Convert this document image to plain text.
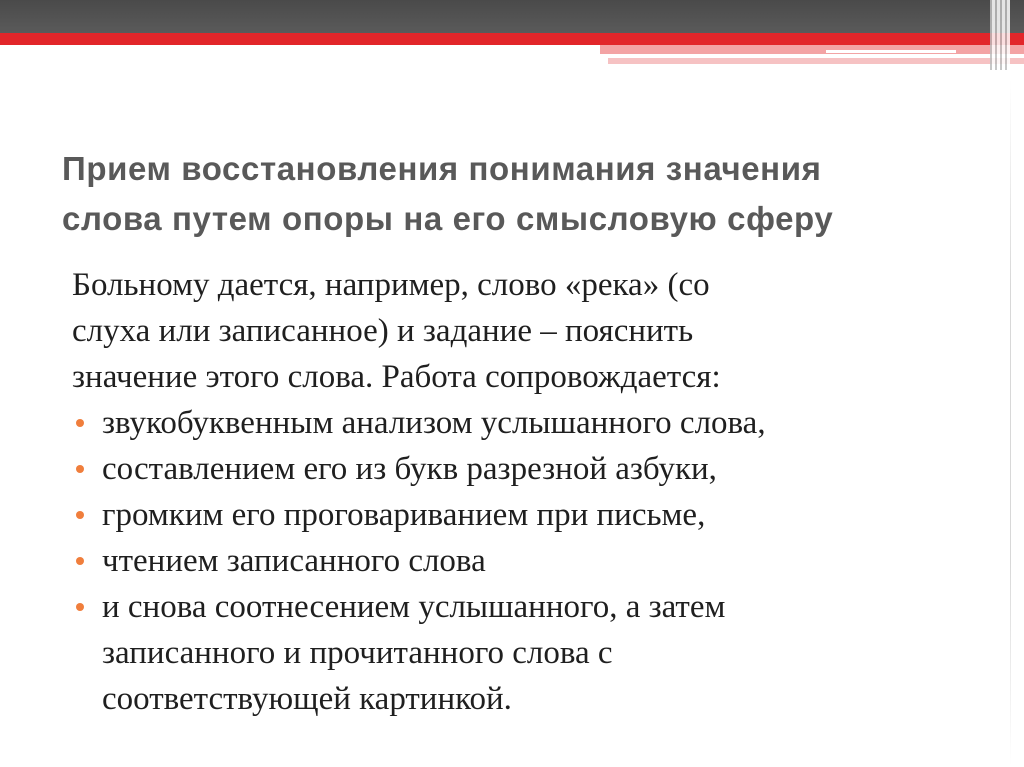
Прием восстановления понимания значения
слова путем опоры на его смысловую сферу
Больному дается, например, слово «река» (со
слуха или записанное) и задание – пояснить
значение этого слова. Работа сопровождается:
звукобуквенным анализом услышанного слова,
составлением его из букв разрезной азбуки,
громким его проговариванием при письме,
чтением записанного слова
и снова соотнесением услышанного, а затем
записанного и прочитанного слова с
соответствующей картинкой.
